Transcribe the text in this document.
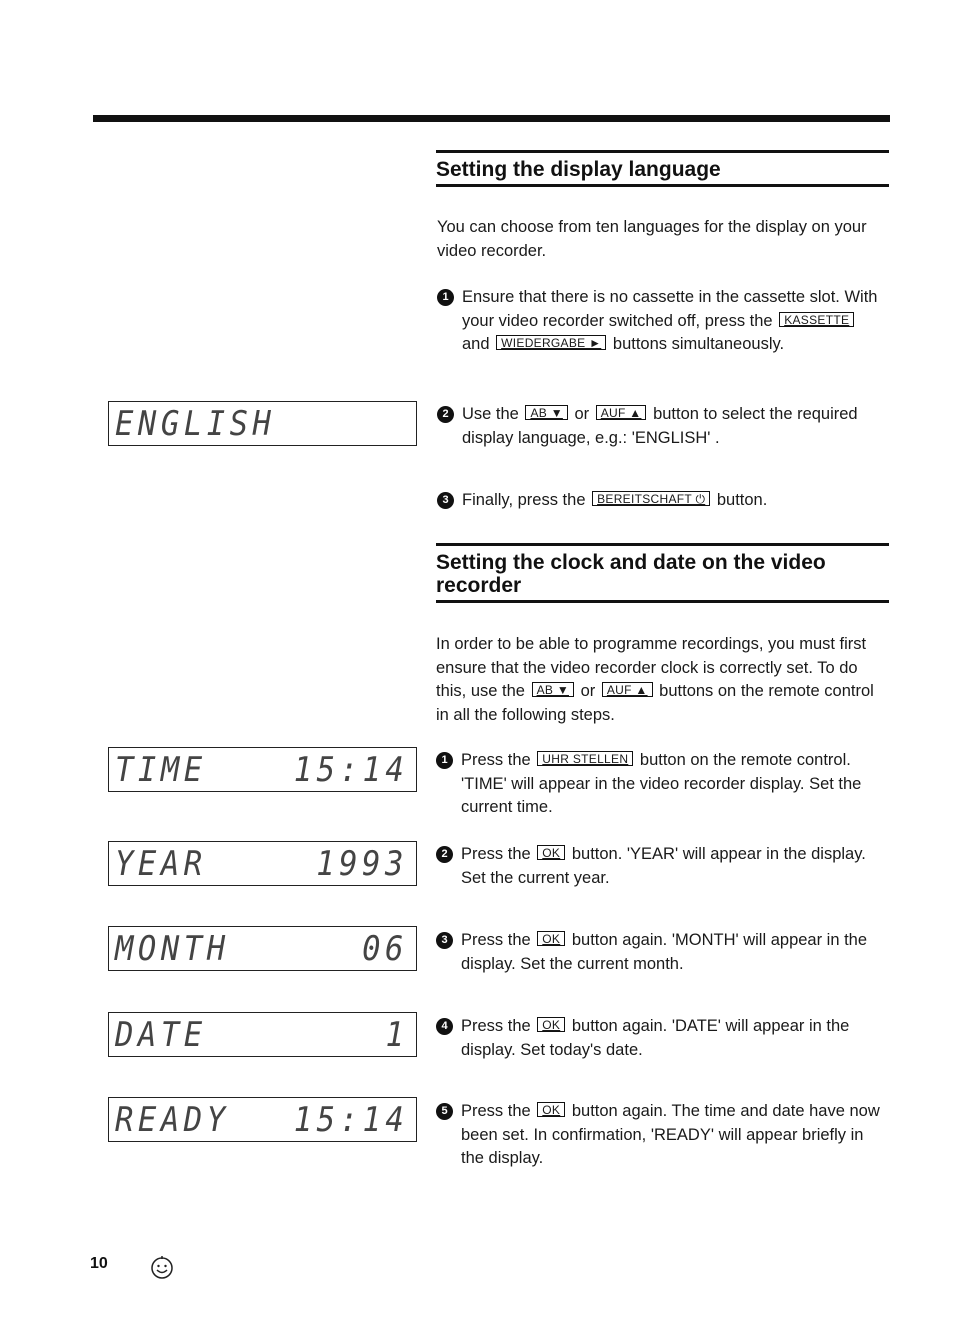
Setting the display language
You can choose from ten languages for the display on your video recorder.
1 Ensure that there is no cassette in the cassette slot. With your video recorder switched off, press the KASSETTE and WIEDERGABE ► buttons simultaneously.
2 Use the AB ▼ or AUF ▲ button to select the required display language, e.g.: 'ENGLISH' .
3 Finally, press the BEREITSCHAFT ⏻ button.
Setting the clock and date on the video recorder
In order to be able to programme recordings, you must first ensure that the video recorder clock is correctly set. To do this, use the AB ▼ or AUF ▲ buttons on the remote control in all the following steps.
1 Press the UHR STELLEN button on the remote control. 'TIME' will appear in the video recorder display. Set the current time.
2 Press the OK button. 'YEAR' will appear in the display. Set the current year.
3 Press the OK button again. 'MONTH' will appear in the display. Set the current month.
4 Press the OK button again. 'DATE' will appear in the display. Set today's date.
5 Press the OK button again. The time and date have now been set. In confirmation, 'READY' will appear briefly in the display.
ENGLISH
TIME	15:14
YEAR	1993
MONTH	06
DATE	1
READY 15:14
10
